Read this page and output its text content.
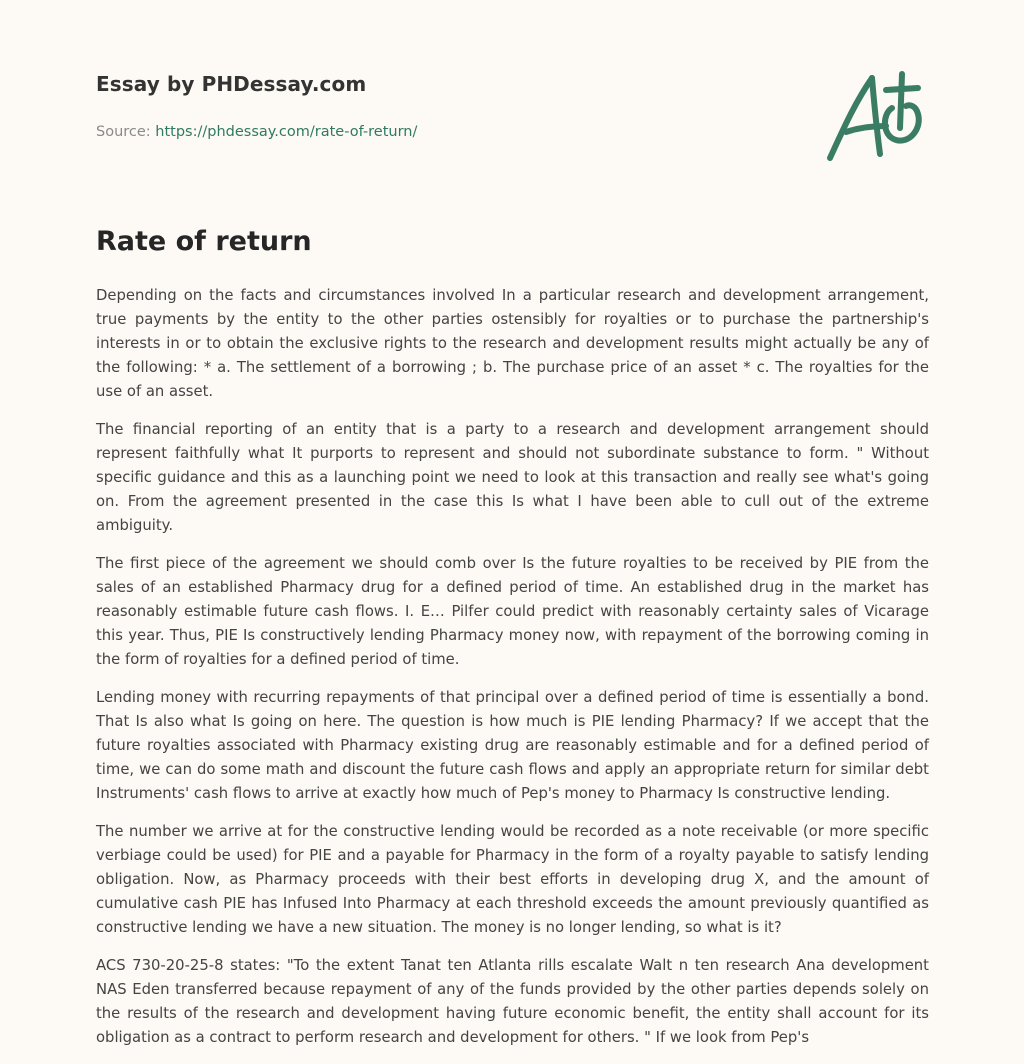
Essay by PHDessay.com
Source: https://phdessay.com/rate-of-return/
Rate of return

Depending on the facts and circumstances involved In a particular research and development arrangement, true payments by the entity to the other parties ostensibly for royalties or to purchase the partnership's interests in or to obtain the exclusive rights to the research and development results might actually be any of the following: * a. The settlement of a borrowing ; b. The purchase price of an asset * c. The royalties for the use of an asset.

The financial reporting of an entity that is a party to a research and development arrangement should represent faithfully what It purports to represent and should not subordinate substance to form. " Without specific guidance and this as a launching point we need to look at this transaction and really see what's going on. From the agreement presented in the case this Is what I have been able to cull out of the extreme ambiguity.

The first piece of the agreement we should comb over Is the future royalties to be received by PIE from the sales of an established Pharmacy drug for a defined period of time. An established drug in the market has reasonably estimable future cash flows. I. E… Pilfer could predict with reasonably certainty sales of Vicarage this year. Thus, PIE Is constructively lending Pharmacy money now, with repayment of the borrowing coming in the form of royalties for a defined period of time.

Lending money with recurring repayments of that principal over a defined period of time is essentially a bond. That Is also what Is going on here. The question is how much is PIE lending Pharmacy? If we accept that the future royalties associated with Pharmacy existing drug are reasonably estimable and for a defined period of time, we can do some math and discount the future cash flows and apply an appropriate return for similar debt Instruments' cash flows to arrive at exactly how much of Pep's money to Pharmacy Is constructive lending.

The number we arrive at for the constructive lending would be recorded as a note receivable (or more specific verbiage could be used) for PIE and a payable for Pharmacy in the form of a royalty payable to satisfy lending obligation. Now, as Pharmacy proceeds with their best efforts in developing drug X, and the amount of cumulative cash PIE has Infused Into Pharmacy at each threshold exceeds the amount previously quantified as constructive lending we have a new situation. The money is no longer lending, so what is it?

ACS 730-20-25-8 states: "To the extent Tanat ten Atlanta rills escalate Walt n ten research Ana development NAS Eden transferred because repayment of any of the funds provided by the other parties depends solely on the results of the research and development having future economic benefit, the entity shall account for its obligation as a contract to perform research and development for others. " If we look from Pep's
